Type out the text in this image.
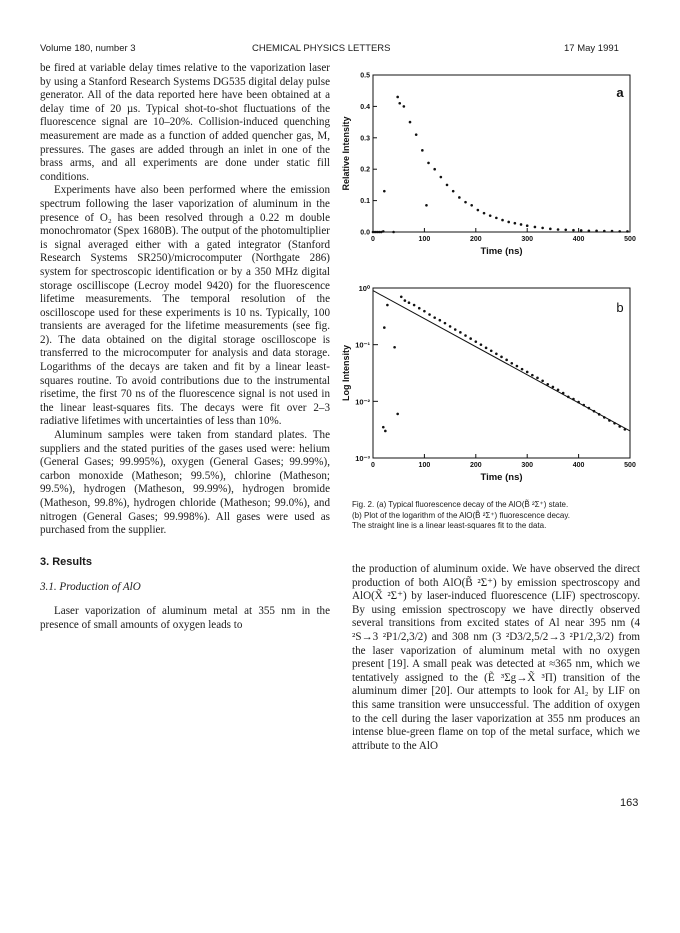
Volume 180, number 3	CHEMICAL PHYSICS LETTERS	17 May 1991

be fired at variable delay times relative to the vaporization laser by using a Stanford Research Systems DG535 digital delay pulse generator. All of the data reported here have been obtained at a delay time of 20 µs. Typical shot-to-shot fluctuations of the fluorescence signal are 10–20%. Collision-induced quenching measurement are made as a function of added quencher gas, M, pressures. The gases are added through an inlet in one of the brass arms, and all experiments are done under static fill conditions.

Experiments have also been performed where the emission spectrum following the laser vaporization of aluminum in the presence of O₂ has been resolved through a 0.22 m double monochromator (Spex 1680B). The output of the photomultiplier is signal averaged either with a gated integrator (Stanford Research Systems SR250)/microcomputer (Northgate 286) system for spectroscopic identification or by a 350 MHz digital storage oscilliscope (Lecroy model 9420) for the fluorescence lifetime measurements. The temporal resolution of the oscilloscope used for these experiments is 10 ns. Typically, 100 transients are averaged for the lifetime measurements (see fig. 2). The data obtained on the digital storage oscilloscope is transferred to the microcomputer for analysis and data storage. Logarithms of the decays are taken and fit by a linear least-squares routine. To avoid contributions due to the instrumental risetime, the first 70 ns of the fluorescence signal is not used in the linear least-squares fits. The decays were fit over 2–3 radiative lifetimes with uncertainties of less than 10%.

Aluminum samples were taken from standard plates. The suppliers and the stated purities of the gases used were: helium (General Gases; 99.995%), oxygen (General Gases; 99.99%), carbon monoxide (Matheson; 99.5%), chlorine (Matheson; 99.5%), hydrogen (Matheson, 99.99%), hydrogen bromide (Matheson, 99.8%), hydrogen chloride (Matheson; 99.0%), and nitrogen (General Gases; 99.998%). All gases were used as purchased from the supplier.

3. Results

3.1. Production of AlO

Laser vaporization of aluminum metal at 355 nm in the presence of small amounts of oxygen leads to

0	100	200	300	400	500
0.0
0.1
0.2
0.3
0.4
0.5
Time (ns)
Relative Intensity
a
0	100	200	300	400	500
10⁰
10⁻¹
10⁻²
10⁻³
Time (ns)
Log Intensity
b
Fig. 2. (a) Typical fluorescence decay of the AlO(B̃ ²Σ⁺) state.
(b) Plot of the logarithm of the AlO(B̃ ²Σ⁺) fluorescence decay.
The straight line is a linear least-squares fit to the data.

the production of aluminum oxide. We have observed the direct production of both AlO(B̃ ²Σ⁺) by emission spectroscopy and AlO(X̃ ²Σ⁺) by laser-induced fluorescence (LIF) spectroscopy. By using emission spectroscopy we have directly observed several transitions from excited states of Al near 395 nm (4 ²S→3 ²P1/2,3/2) and 308 nm (3 ²D3/2,5/2→3 ²P1/2,3/2) from the laser vaporization of aluminum metal with no oxygen present [19]. A small peak was detected at ≈365 nm, which we tentatively assigned to the (Ẽ ³Σg→X̃ ³Π) transition of the aluminum dimer [20]. Our attempts to look for Al₂ by LIF on this same transition were unsuccessful. The addition of oxygen to the cell during the laser vaporization at 355 nm produces an intense blue-green flame on top of the metal surface, which we attribute to the AlO

163
